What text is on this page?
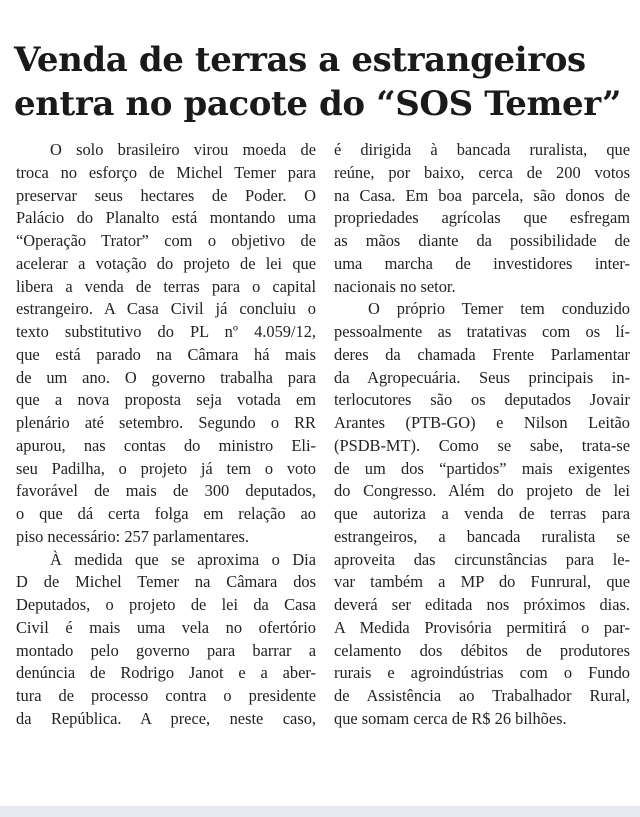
Venda de terras a estrangeiros
entra no pacote do “SOS Temer”
O solo brasileiro virou moeda de
troca no esforço de Michel Temer para
preservar seus hectares de Poder. O
Palácio do Planalto está montando uma
“Operação Trator” com o objetivo de
acelerar a votação do projeto de lei que
libera a venda de terras para o capital
estrangeiro. A Casa Civil já concluiu o
texto substitutivo do PL nº 4.059/12,
que está parado na Câmara há mais
de um ano. O governo trabalha para
que a nova proposta seja votada em
plenário até setembro. Segundo o RR
apurou, nas contas do ministro Eli-
seu Padilha, o projeto já tem o voto
favorável de mais de 300 deputados,
o que dá certa folga em relação ao
piso necessário: 257 parlamentares.
À medida que se aproxima o Dia
D de Michel Temer na Câmara dos
Deputados, o projeto de lei da Casa
Civil é mais uma vela no ofertório
montado pelo governo para barrar a
denúncia de Rodrigo Janot e a aber-
tura de processo contra o presidente
da República. A prece, neste caso,
é dirigida à bancada ruralista, que
reúne, por baixo, cerca de 200 votos
na Casa. Em boa parcela, são donos de
propriedades agrícolas que esfregam
as mãos diante da possibilidade de
uma marcha de investidores inter-
nacionais no setor.
O próprio Temer tem conduzido
pessoalmente as tratativas com os lí-
deres da chamada Frente Parlamentar
da Agropecuária. Seus principais in-
terlocutores são os deputados Jovair
Arantes (PTB-GO) e Nilson Leitão
(PSDB-MT). Como se sabe, trata-se
de um dos “partidos” mais exigentes
do Congresso. Além do projeto de lei
que autoriza a venda de terras para
estrangeiros, a bancada ruralista se
aproveita das circunstâncias para le-
var também a MP do Funrural, que
deverá ser editada nos próximos dias.
A Medida Provisória permitirá o par-
celamento dos débitos de produtores
rurais e agroindústrias com o Fundo
de Assistência ao Trabalhador Rural,
que somam cerca de R$ 26 bilhões.
